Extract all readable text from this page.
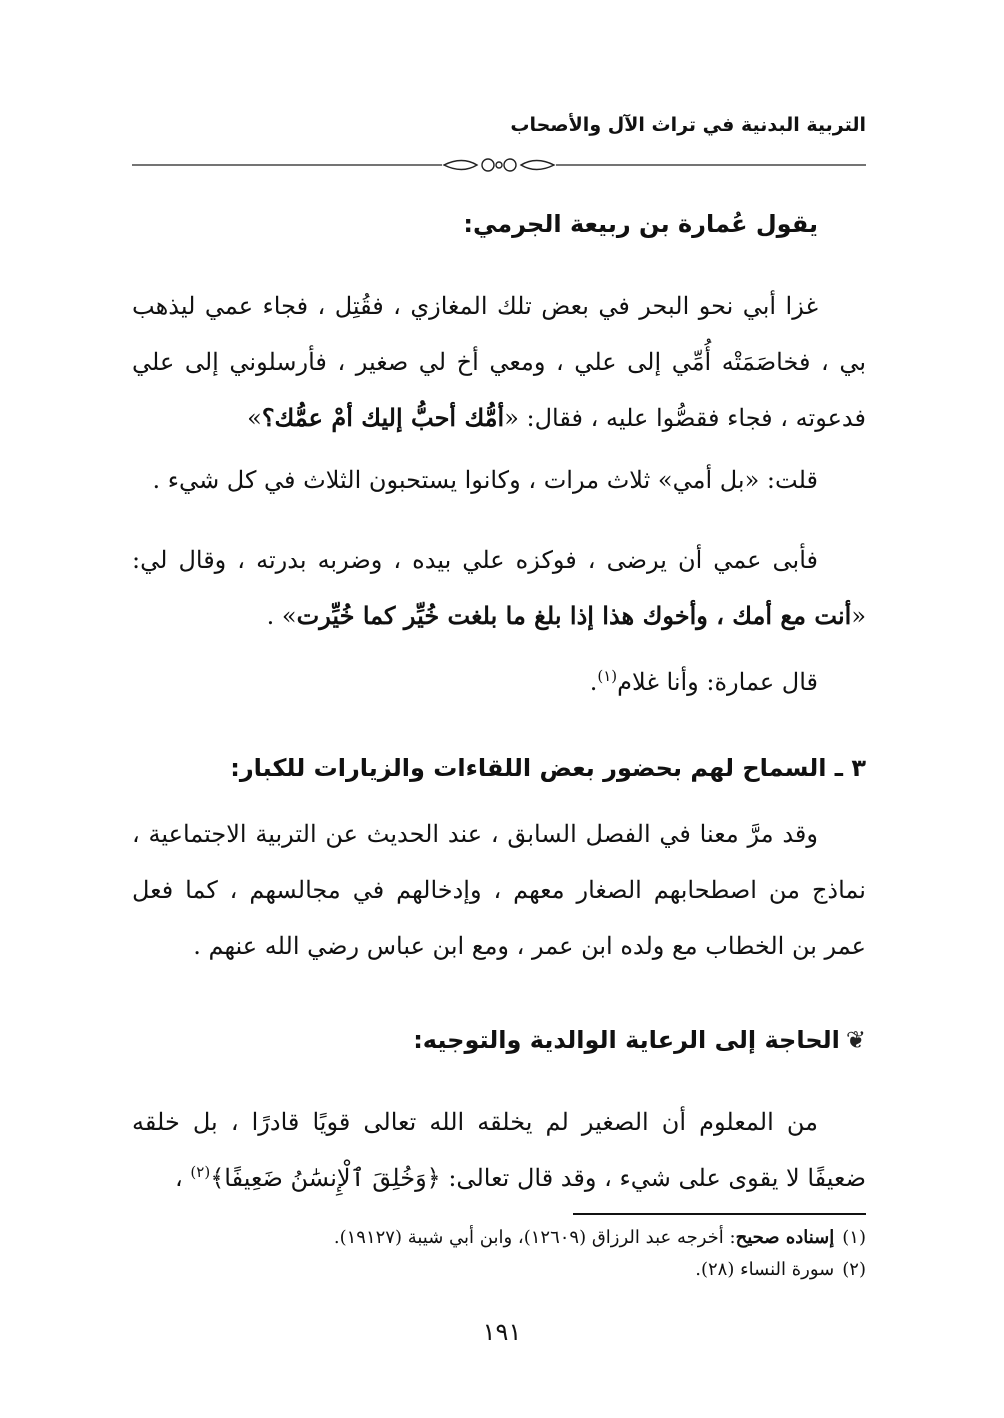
التربية البدنية في تراث الآل والأصحاب
يقول عُمارة بن ربيعة الجرمي:
غزا أبي نحو البحر في بعض تلك المغازي ، فقُتِل ، فجاء عمي ليذهب بي ، فخاصَمَتْه أُمِّي إلى علي ، ومعي أخ لي صغير ، فأرسلوني إلى علي فدعوته ، فجاء فقصُّوا عليه ، فقال: «أمُّك أحبُّ إليك أمْ عمُّك؟»
قلت: «بل أمي» ثلاث مرات ، وكانوا يستحبون الثلاث في كل شيء .
فأبى عمي أن يرضى ، فوكزه علي بيده ، وضربه بدرته ، وقال لي: «أنت مع أمك ، وأخوك هذا إذا بلغ ما بلغت خُيِّر كما خُيِّرت» .
قال عمارة: وأنا غلام$^{(١)}$.
٣ ـ السماح لهم بحضور بعض اللقاءات والزيارات للكبار:
وقد مرَّ معنا في الفصل السابق ، عند الحديث عن التربية الاجتماعية ، نماذج من اصطحابهم الصغار معهم ، وإدخالهم في مجالسهم ، كما فعل عمر بن الخطاب مع ولده ابن عمر ، ومع ابن عباس رضي الله عنهم .
❦الحاجة إلى الرعاية الوالدية والتوجيه:
من المعلوم أن الصغير لم يخلقه الله تعالى قويًا قادرًا ، بل خلقه ضعيفًا لا يقوى على شيء ، وقد قال تعالى: ﴿وَخُلِقَ ٱلْإِنسَٰنُ ضَعِيفًا﴾$^{(٢)}$ ،
(١)إسناده صحيح: أخرجه عبد الرزاق (١٢٦٠٩)، وابن أبي شيبة (١٩١٢٧).
(٢)سورة النساء (٢٨).
١٩١
